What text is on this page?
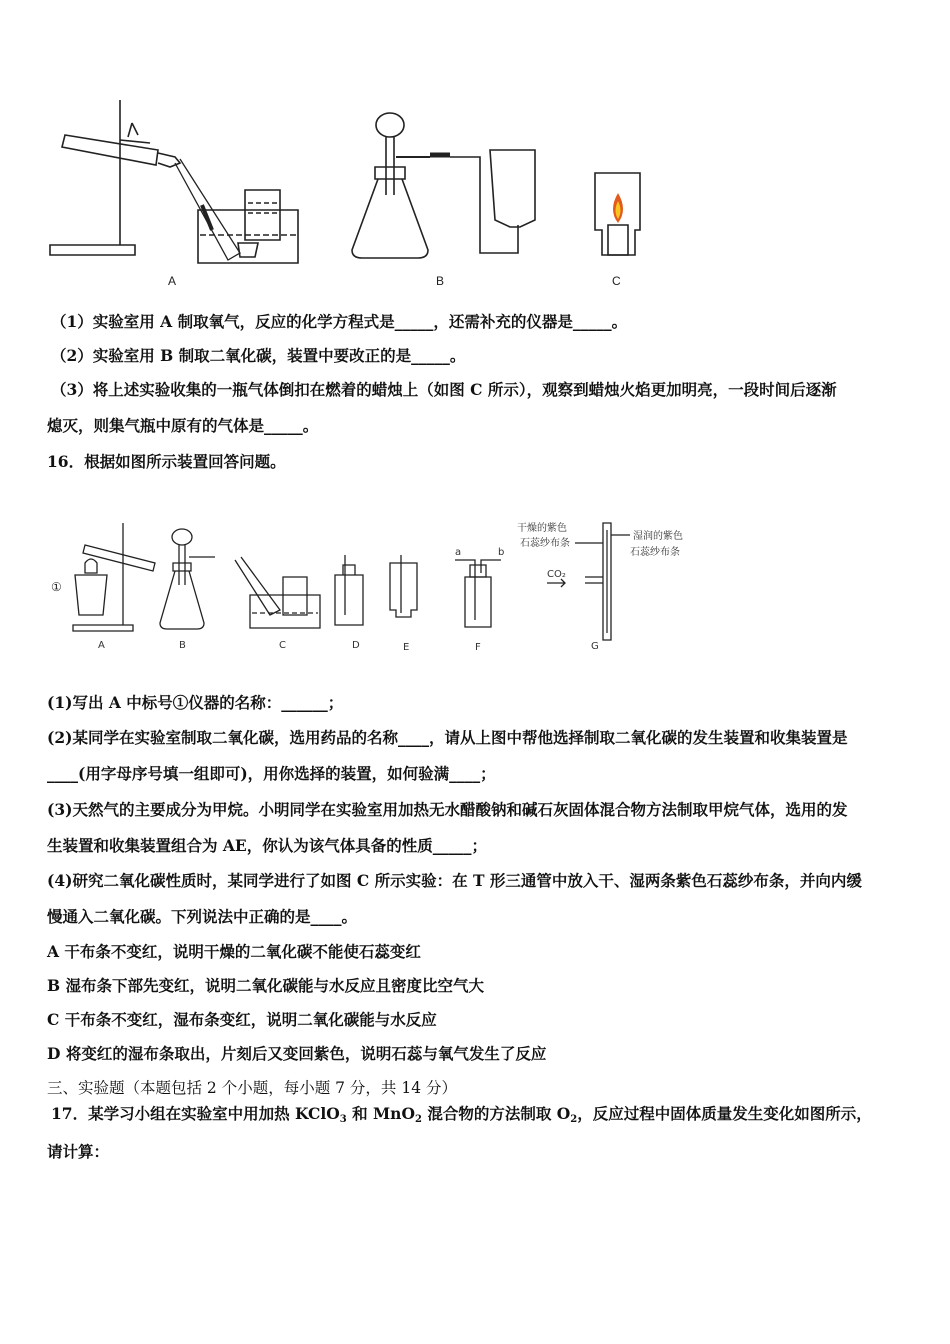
A	B	C
（1）实验室用 A 制取氧气，反应的化学方程式是_____，还需补充的仪器是_____。
（2）实验室用 B 制取二氧化碳，装置中要改正的是_____。
（3）将上述实验收集的一瓶气体倒扣在燃着的蜡烛上（如图 C 所示），观察到蜡烛火焰更加明亮，一段时间后逐渐
熄灭，则集气瓶中原有的气体是_____。
16．根据如图所示装置回答问题。
①
a	b
CO₂
干燥的紫色
石蕊纱布条
湿润的紫色
石蕊纱布条
A	B	C	D	E	F	G
(1)写出 A 中标号①仪器的名称：______；
(2)某同学在实验室制取二氧化碳，选用药品的名称____，请从上图中帮他选择制取二氧化碳的发生装置和收集装置是
____(用字母序号填一组即可)，用你选择的装置，如何验满____；
(3)天然气的主要成分为甲烷。小明同学在实验室用加热无水醋酸钠和碱石灰固体混合物方法制取甲烷气体，选用的发
生装置和收集装置组合为 AE，你认为该气体具备的性质_____；
(4)研究二氧化碳性质时，某同学进行了如图 C 所示实验：在 T 形三通管中放入干、湿两条紫色石蕊纱布条，并向内缓
慢通入二氧化碳。下列说法中正确的是____。
A 干布条不变红，说明干燥的二氧化碳不能使石蕊变红
B 湿布条下部先变红，说明二氧化碳能与水反应且密度比空气大
C 干布条不变红，湿布条变红，说明二氧化碳能与水反应
D 将变红的湿布条取出，片刻后又变回紫色，说明石蕊与氧气发生了反应
三、实验题（本题包括 2 个小题，每小题 7 分，共 14 分）
17．某学习小组在实验室中用加热 KClO$_3$ 和 MnO$_2$ 混合物的方法制取 $O_2$，反应过程中固体质量发生变化如图所示，
请计算：
